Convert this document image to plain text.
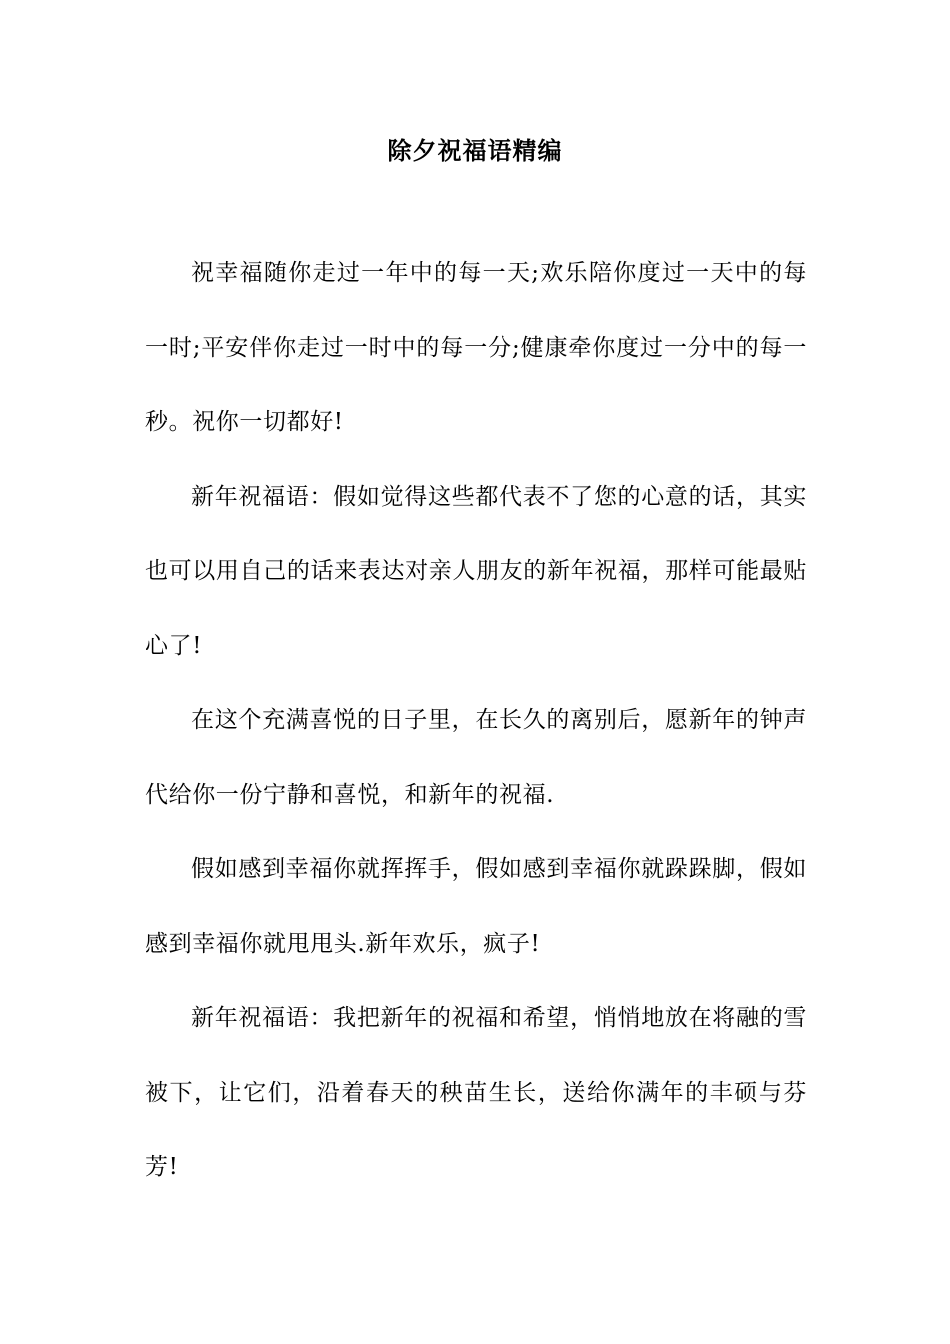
除夕祝福语精编

祝幸福随你走过一年中的每一天;欢乐陪你度过一天中的每一时;平安伴你走过一时中的每一分;健康牵你度过一分中的每一秒。祝你一切都好!

新年祝福语：假如觉得这些都代表不了您的心意的话，其实也可以用自己的话来表达对亲人朋友的新年祝福，那样可能最贴心了!

在这个充满喜悦的日子里，在长久的离别后，愿新年的钟声代给你一份宁静和喜悦，和新年的祝福.

假如感到幸福你就挥挥手，假如感到幸福你就跺跺脚，假如感到幸福你就甩甩头.新年欢乐，疯子!

新年祝福语：我把新年的祝福和希望，悄悄地放在将融的雪被下，让它们，沿着春天的秧苗生长，送给你满年的丰硕与芬芳!
